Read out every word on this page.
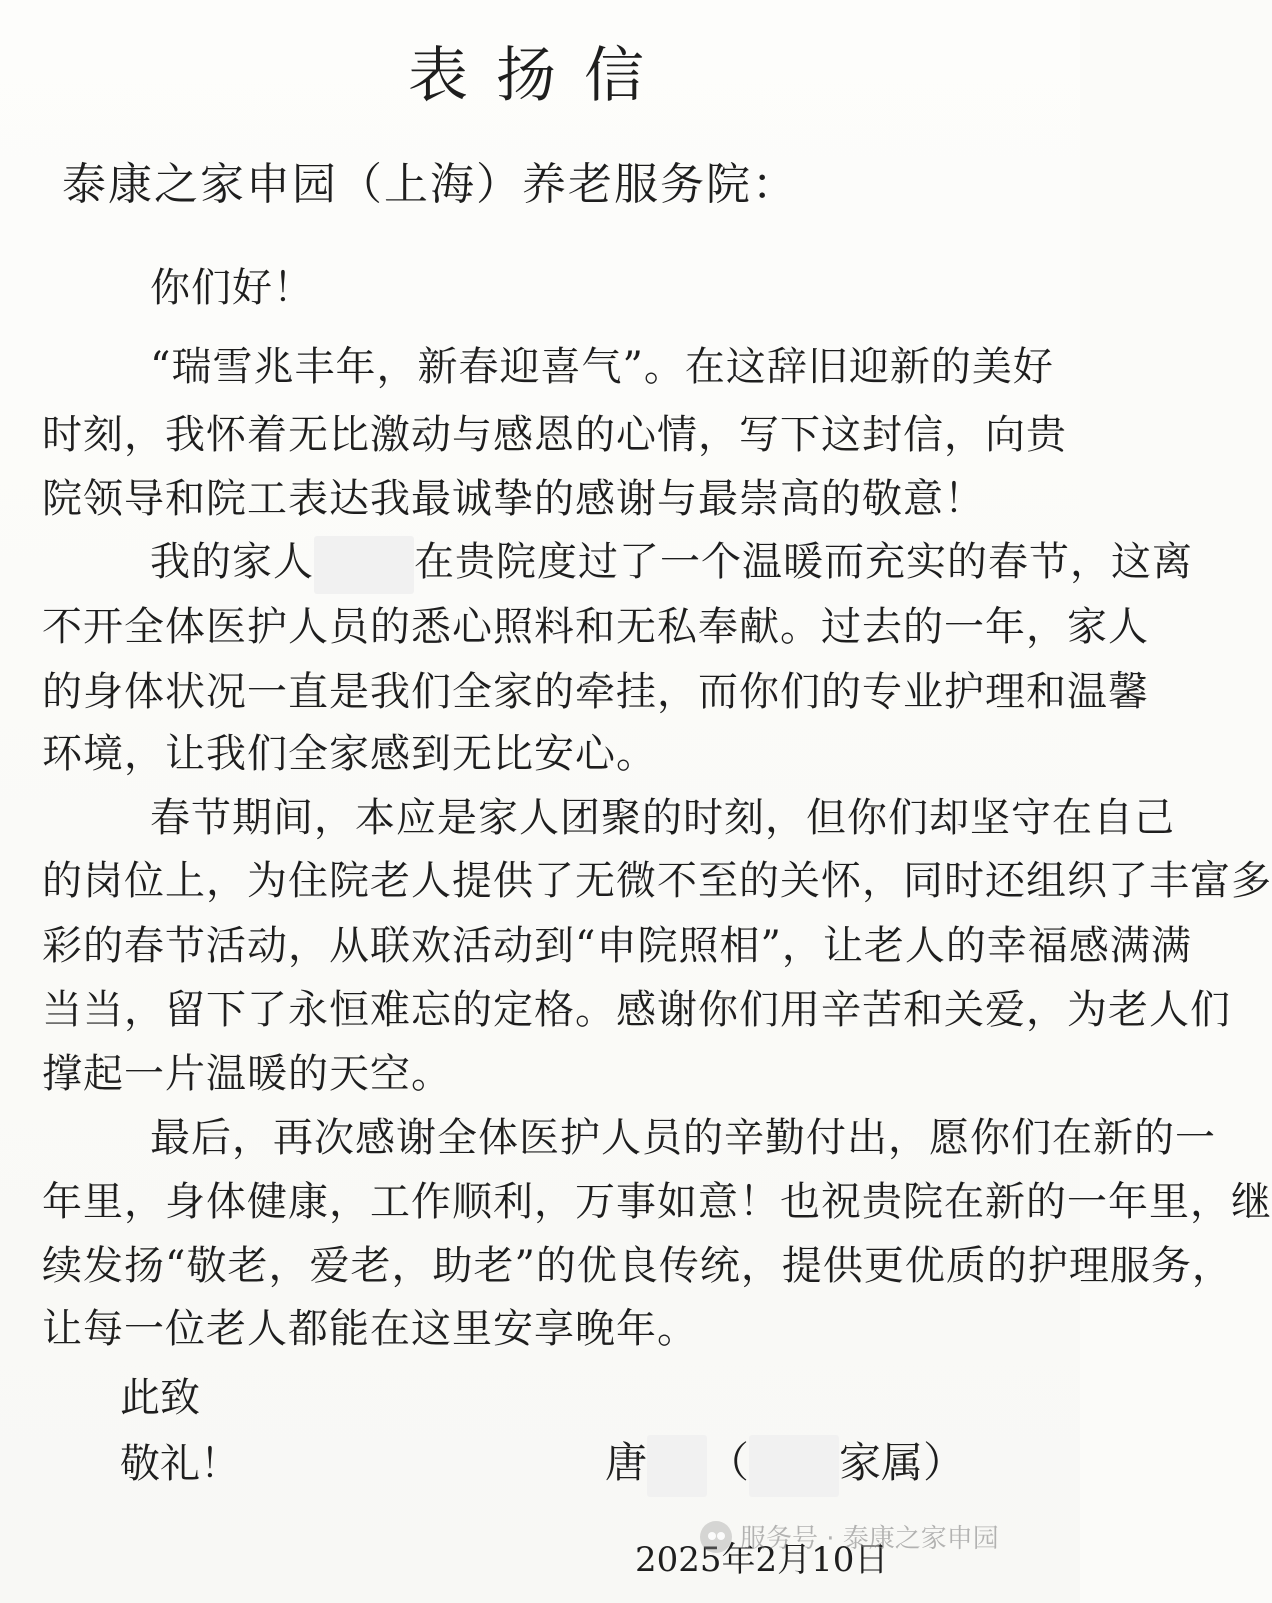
表扬信
泰康之家申园（上海）养老服务院：
你们好！
“瑞雪兆丰年，新春迎喜气”。在这辞旧迎新的美好
时刻，我怀着无比激动与感恩的心情，写下这封信，向贵
院领导和院工表达我最诚挚的感谢与最崇高的敬意！
我的家人	在贵院度过了一个温暖而充实的春节，这离
不开全体医护人员的悉心照料和无私奉献。过去的一年，家人
的身体状况一直是我们全家的牵挂，而你们的专业护理和温馨
环境，让我们全家感到无比安心。
春节期间，本应是家人团聚的时刻，但你们却坚守在自己
的岗位上，为住院老人提供了无微不至的关怀，同时还组织了丰富多
彩的春节活动，从联欢活动到“申院照相”，让老人的幸福感满满
当当，留下了永恒难忘的定格。感谢你们用辛苦和关爱，为老人们
撑起一片温暖的天空。
最后，再次感谢全体医护人员的辛勤付出，愿你们在新的一
年里，身体健康，工作顺利，万事如意！也祝贵院在新的一年里，继
续发扬“敬老，爱老，助老”的优良传统，提供更优质的护理服务，
让每一位老人都能在这里安享晚年。
此致
敬礼！	唐 （ 家属）
2025年2月10日
服务号 · 泰康之家申园
